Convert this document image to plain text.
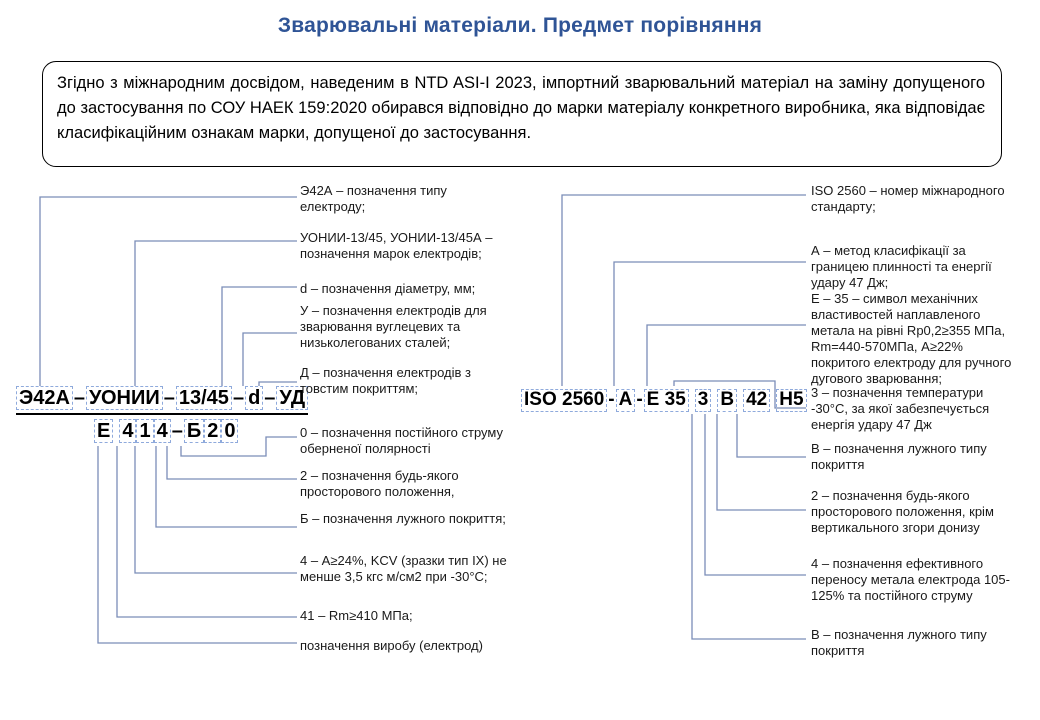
Зварювальні матеріали. Предмет порівняння

Згідно з міжнародним досвідом, наведеним в NTD ASI-I 2023, імпортний зварювальний матеріал на заміну допущеного до застосування по СОУ НАЕК 159:2020 обирався відповідно до марки матеріалу конкретного виробника, яка відповідає класифікаційним ознакам марки, допущеної до застосування.

Э42А – УОНИИ – 13/45 – d – УД
Е 4 1 4 – Б 2 0
ISO 2560 - A - E 35 3 B 42 H5
Э42А – позначення типу електроду;
УОНИИ-13/45, УОНИИ-13/45А – позначення марок електродів;
d – позначення діаметру, мм;
У – позначення електродів для зварювання вуглецевих та низьколегованих сталей;
Д – позначення електродів з товстим покриттям;
0 – позначення постійного струму оберненої полярності
2 – позначення будь-якого просторового положення,
Б – позначення лужного покриття;
4 – А≥24%, KCV (зразки тип ІХ) не менше 3,5 кгс м/см2 при -30°С;
41 – Rm≥410 МПа;
позначення виробу (електрод)
ISO 2560 – номер міжнародного стандарту;
А – метод класифікації за границею плинності та енергії удару 47 Дж;
Е – 35 – символ механічних властивостей наплавленого метала на рівні Rp0,2≥355 МПа, Rm=440-570МПа, А≥22% покритого електроду для ручного дугового зварювання;
3 – позначення температури -30°С, за якої забезпечується енергія удару 47 Дж
В – позначення лужного типу покриття
2 – позначення будь-якого просторового положення, крім вертикального згори донизу
4 – позначення ефективного переносу метала електрода 105-125% та постійного струму
В – позначення лужного типу покриття
